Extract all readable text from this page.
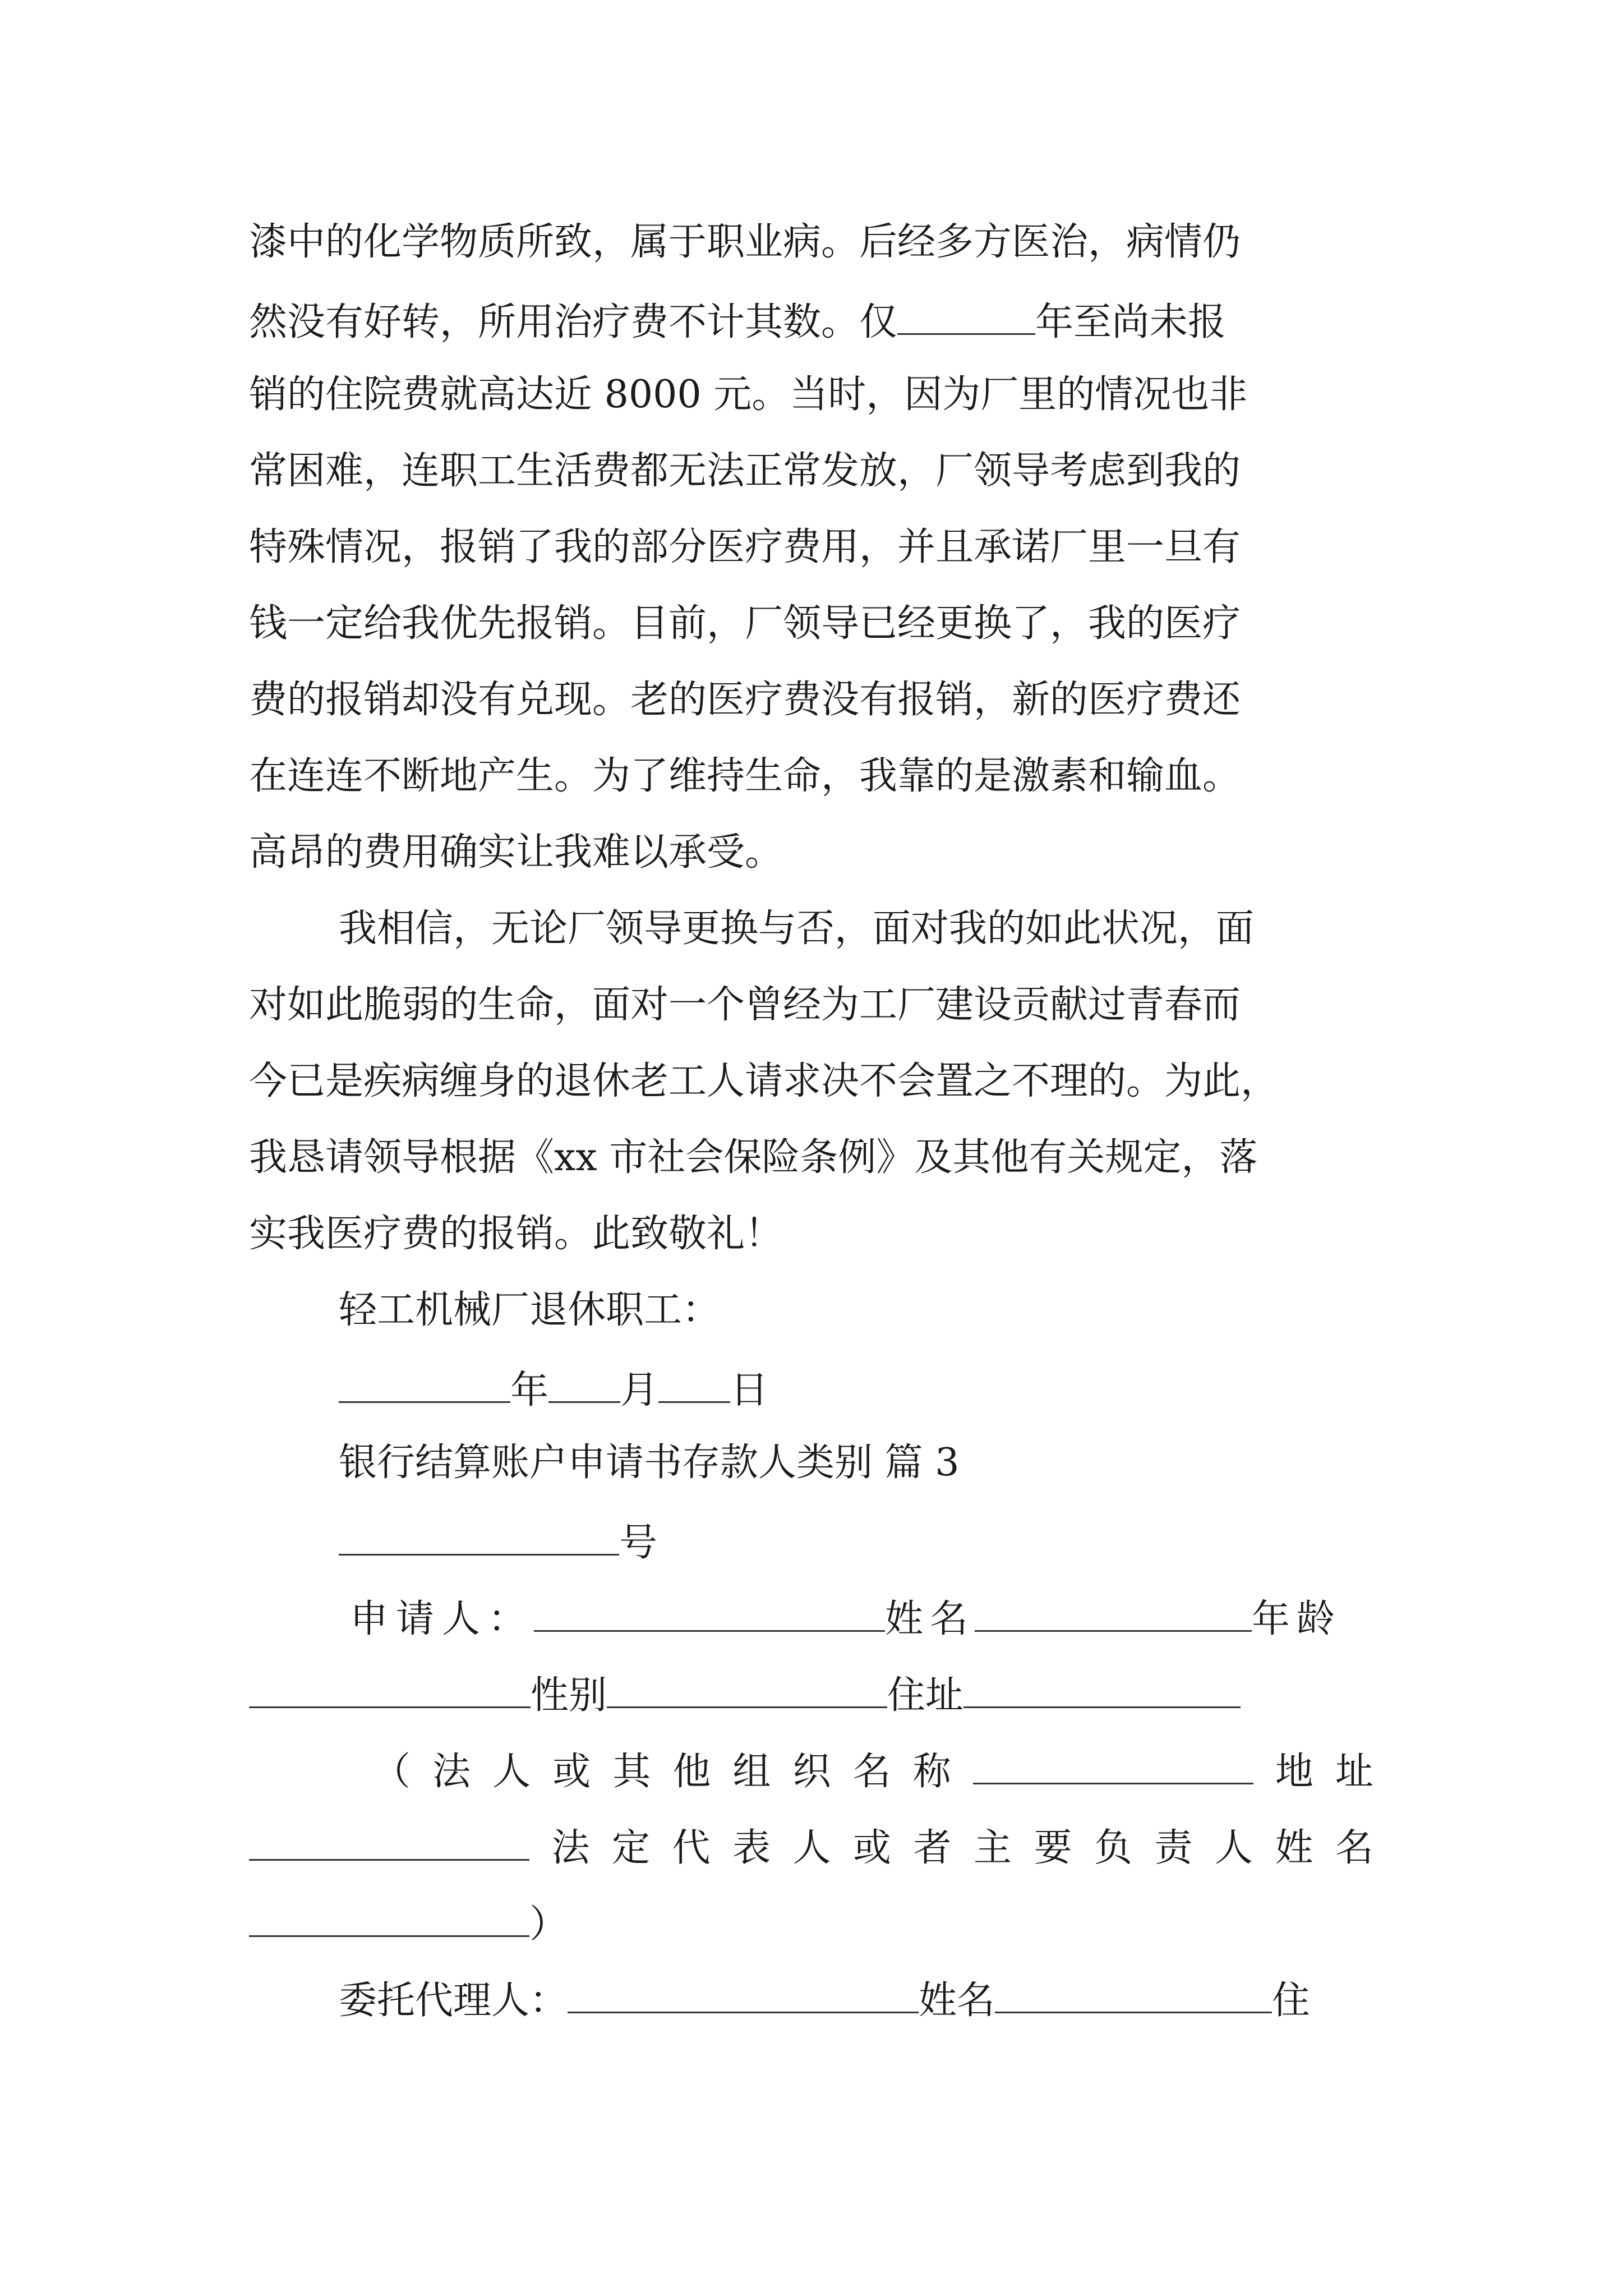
漆中的化学物质所致，属于职业病。后经多方医治，病情仍
然没有好转，所用治疗费不计其数。仅	年至尚未报
销的住院费就高达近 8000 元。当时，因为厂里的情况也非
常困难，连职工生活费都无法正常发放，厂领导考虑到我的
特殊情况，报销了我的部分医疗费用，并且承诺厂里一旦有
钱一定给我优先报销。目前，厂领导已经更换了，我的医疗
费的报销却没有兑现。老的医疗费没有报销，新的医疗费还
在连连不断地产生。为了维持生命，我靠的是激素和输血。
高昂的费用确实让我难以承受。
我相信，无论厂领导更换与否，面对我的如此状况，面
对如此脆弱的生命，面对一个曾经为工厂建设贡献过青春而
今已是疾病缠身的退休老工人请求决不会置之不理的。为此，
我恳请领导根据《xx 市社会保险条例》及其他有关规定，落
实我医疗费的报销。此致敬礼！
轻工机械厂退休职工：
年 月 日
银行结算账户申请书存款人类别 篇 3
号
申请人：	姓名	年龄
性别	住址
（ 法 人 或 其 他 组 织 名 称	地 址
法 定 代 表 人 或 者 主 要 负 责 人 姓 名
）
委托代理人：	姓名	住
